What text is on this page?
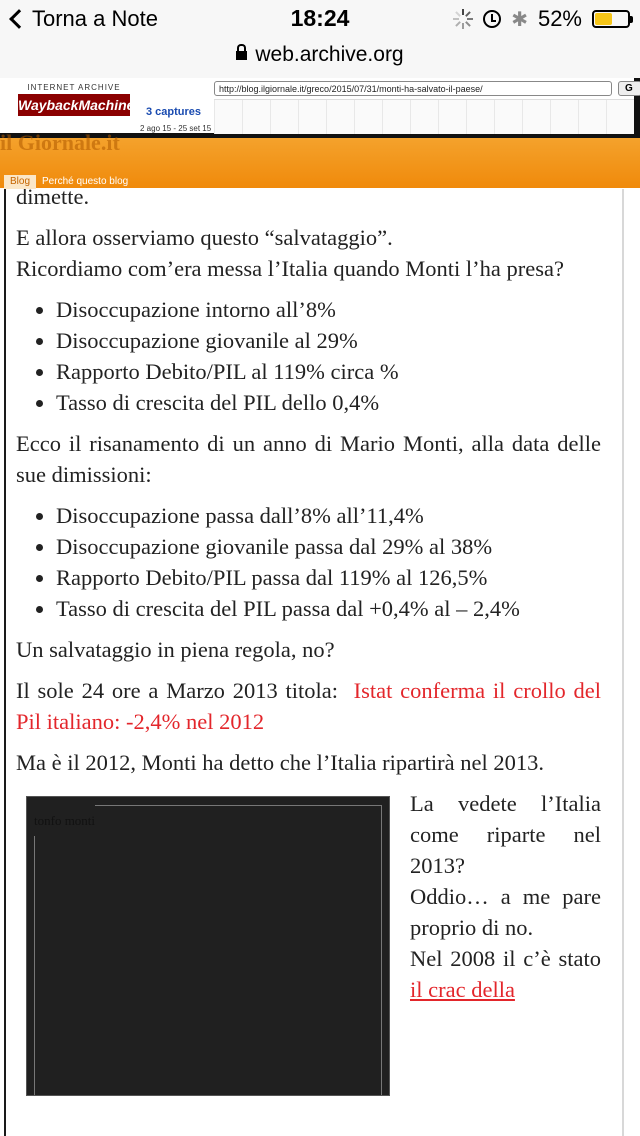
Torna a Note	18:24	✱ 52%
web.archive.org
INTERNET ARCHIVE
WaybackMachine
http://blog.ilgiornale.it/greco/2015/07/31/monti-ha-salvato-il-paese/	G
3 captures
2 ago 15 - 25 set 15
il Giornale.it
Blog	Perché questo blog

dimette.

E allora osserviamo questo “salvataggio”.
Ricordiamo com’era messa l’Italia quando Monti l’ha presa?

• Disoccupazione intorno all’8%
• Disoccupazione giovanile al 29%
• Rapporto Debito/PIL al 119% circa %
• Tasso di crescita del PIL dello 0,4%

Ecco il risanamento di un anno di Mario Monti, alla data delle sue dimissioni:

• Disoccupazione passa dall’8% all’11,4%
• Disoccupazione giovanile passa dal 29% al 38%
• Rapporto Debito/PIL passa dal 119% al 126,5%
• Tasso di crescita del PIL passa dal +0,4% al – 2,4%

Un salvataggio in piena regola, no?

Il sole 24 ore a Marzo 2013 titola: Istat conferma il crollo del Pil italiano: -2,4% nel 2012

Ma è il 2012, Monti ha detto che l’Italia ripartirà nel 2013.

tonfo monti
La vedete l’Italia come riparte nel 2013?
Oddio… a me pare proprio di no.
Nel 2008 il c’è stato il crac della
